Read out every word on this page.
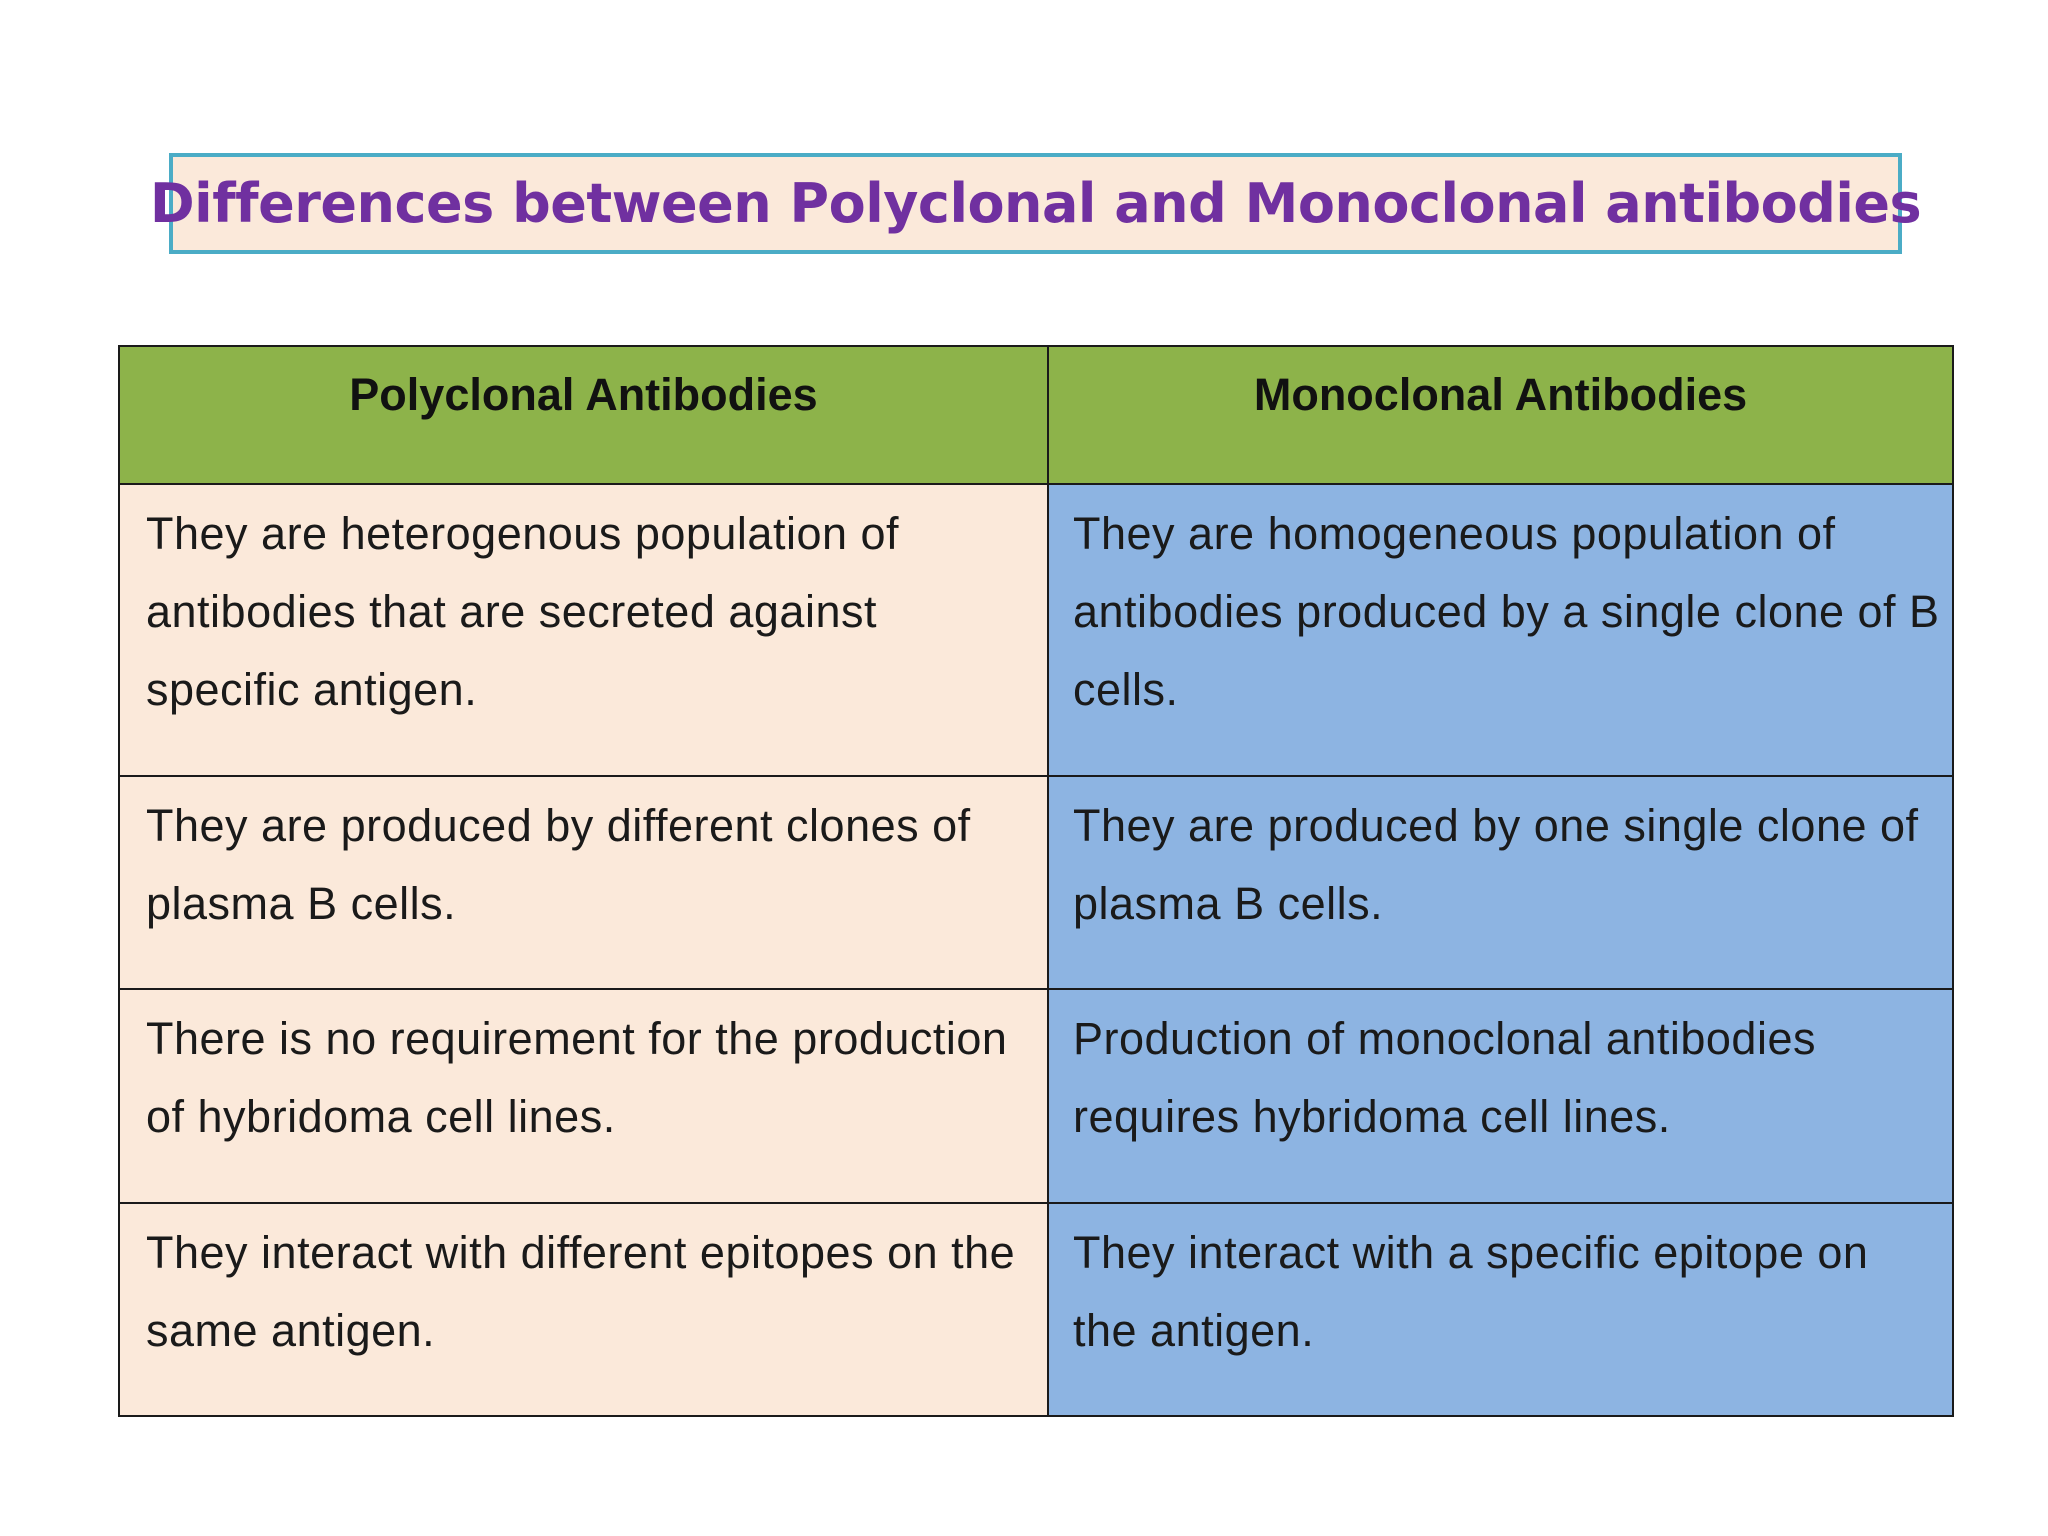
Differences between Polyclonal and Monoclonal antibodies
Polyclonal Antibodies	Monoclonal Antibodies
They are heterogenous population of antibodies that are secreted against specific antigen.	They are homogeneous population of antibodies produced by a single clone of B cells.
They are produced by different clones of plasma B cells.	They are produced by one single clone of plasma B cells.
There is no requirement for the production of hybridoma cell lines.	Production of monoclonal antibodies requires hybridoma cell lines.
They interact with different epitopes on the same antigen.	They interact with a specific epitope on the antigen.
